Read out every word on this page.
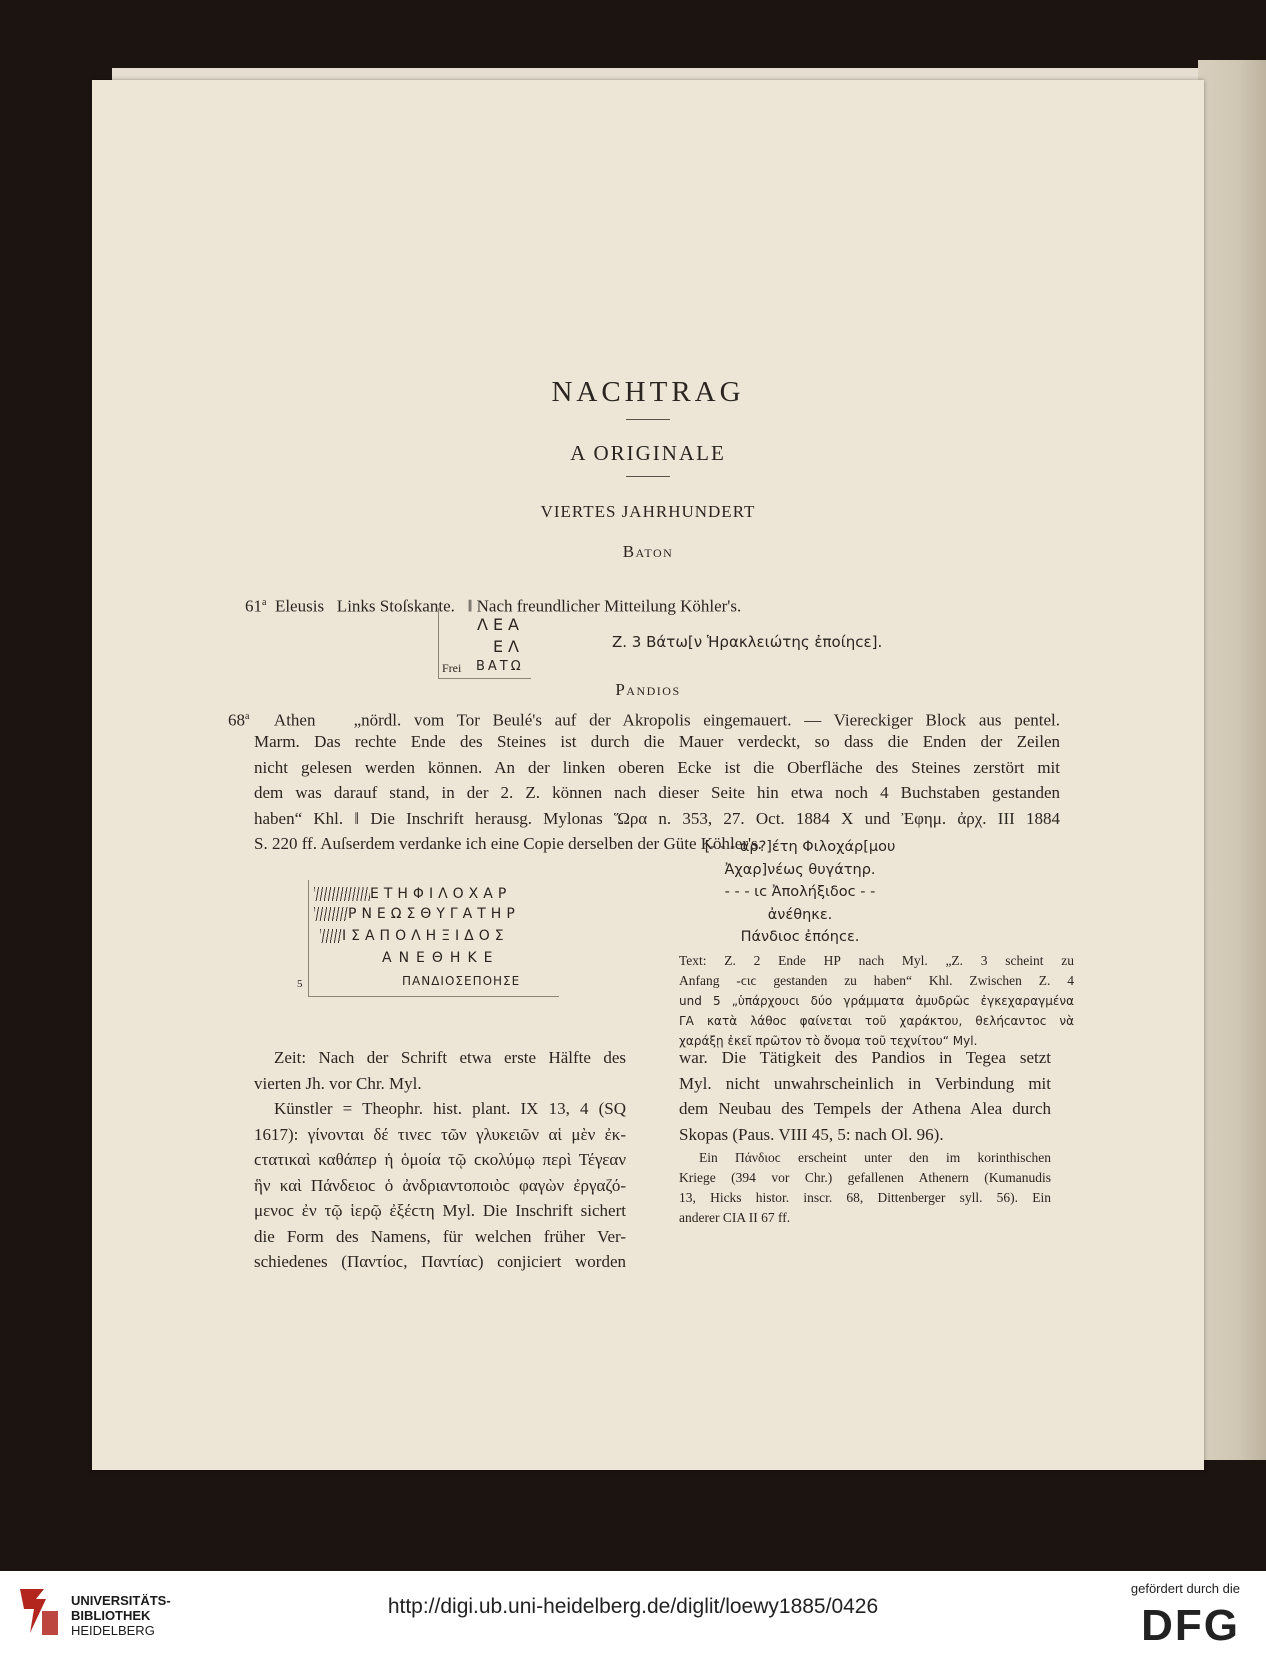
NACHTRAG
A ORIGINALE
VIERTES JAHRHUNDERT
Baton

61$^a$ Eleusis   Links Stoſskante.   ‖ Nach freundlicher Mitteilung Köhler's.

ΛΕΑ
ΕΛ
Frei ΒΑΤΩ
Z. 3 Βάτω[ν Ἡρακλειώτης ἐποίηϲε].
Pandios
68$^a$ Athen   „nördl. vom Tor Beulé's auf der Akropolis eingemauert. — Viereckiger Block aus pentel.
Marm. Das rechte Ende des Steines ist durch die Mauer verdeckt, so dass die Enden der Zeilen
nicht gelesen werden können. An der linken oberen Ecke ist die Oberfläche des Steines zerstört mit
dem was darauf stand, in der 2. Z. können nach dieser Seite hin etwa noch 4 Buchstaben gestanden
haben“ Khl. ‖ Die Inschrift herausg. Mylonas Ὥρα n. 353, 27. Oct. 1884 Χ und Ἐφημ. ἀρχ. III 1884
S. 220 ff. Auſserdem verdanke ich eine Copie derselben der Güte Köhler's.
ΕΤΗΦΙΛΟΧΑΡ
ΡΝΕΩΣΘΥΓΑΤΗΡ
ΙΣΑΠΟΛΗΞΙΔΟΣ
ΑΝΕΘΗΚΕ
ΠΑΝΔΙΟΣΕΠΟΗΣΕ
5
[- - - αρ?]έτη Φιλοχάρ[μου
Ἀχαρ]νέως θυγάτηρ.
- - - ιϲ Ἀπολήξιδοϲ - -
ἀνέθηκε.
Πάνδιοϲ ἐπόηϲε.
Text: Z. 2 Ende ΗΡ nach Myl. „Z. 3 scheint zu
Anfang -ϲιϲ gestanden zu haben“ Khl. Zwischen Z. 4
und 5 „ὑπάρχουϲι δύο γράμματα ἀμυδρῶϲ ἐγκεχαραγμένα
ΓΑ κατὰ λάθοϲ φαίνεται τοῦ χαράκτου, θελήϲαντοϲ νὰ
χαράξῃ ἐκεῖ πρῶτον τὸ ὄνομα τοῦ τεχνίτου“ Myl.
Zeit: Nach der Schrift etwa erste Hälfte des
vierten Jh. vor Chr. Myl.
Künstler = Theophr. hist. plant. IX 13, 4 (SQ
1617): γίνονται δέ τινεϲ τῶν γλυκειῶν αἱ μὲν ἐκ-
ϲτατικαὶ καθάπερ ἡ ὁμοία τῷ ϲκολύμῳ περὶ Τέγεαν
ἣν καὶ Πάνδειοϲ ὁ ἀνδριαντοποιὸϲ φαγὼν ἐργαζό-
μενοϲ ἐν τῷ ἱερῷ ἐξέϲτη Myl. Die Inschrift sichert
die Form des Namens, für welchen früher Ver-
schiedenes (Παντίοϲ, Παντίαϲ) conjiciert worden
war. Die Tätigkeit des Pandios in Tegea setzt
Myl. nicht unwahrscheinlich in Verbindung mit
dem Neubau des Tempels der Athena Alea durch
Skopas (Paus. VIII 45, 5: nach Ol. 96).
Ein Πάνδιοϲ erscheint unter den im korinthischen
Kriege (394 vor Chr.) gefallenen Athenern (Kumanudis
13, Hicks histor. inscr. 68, Dittenberger syll. 56). Ein
anderer CIA II 67 ff.
UNIVERSITÄTS-
BIBLIOTHEK
HEIDELBERG
http://digi.ub.uni-heidelberg.de/diglit/loewy1885/0426
gefördert durch die
DFG
